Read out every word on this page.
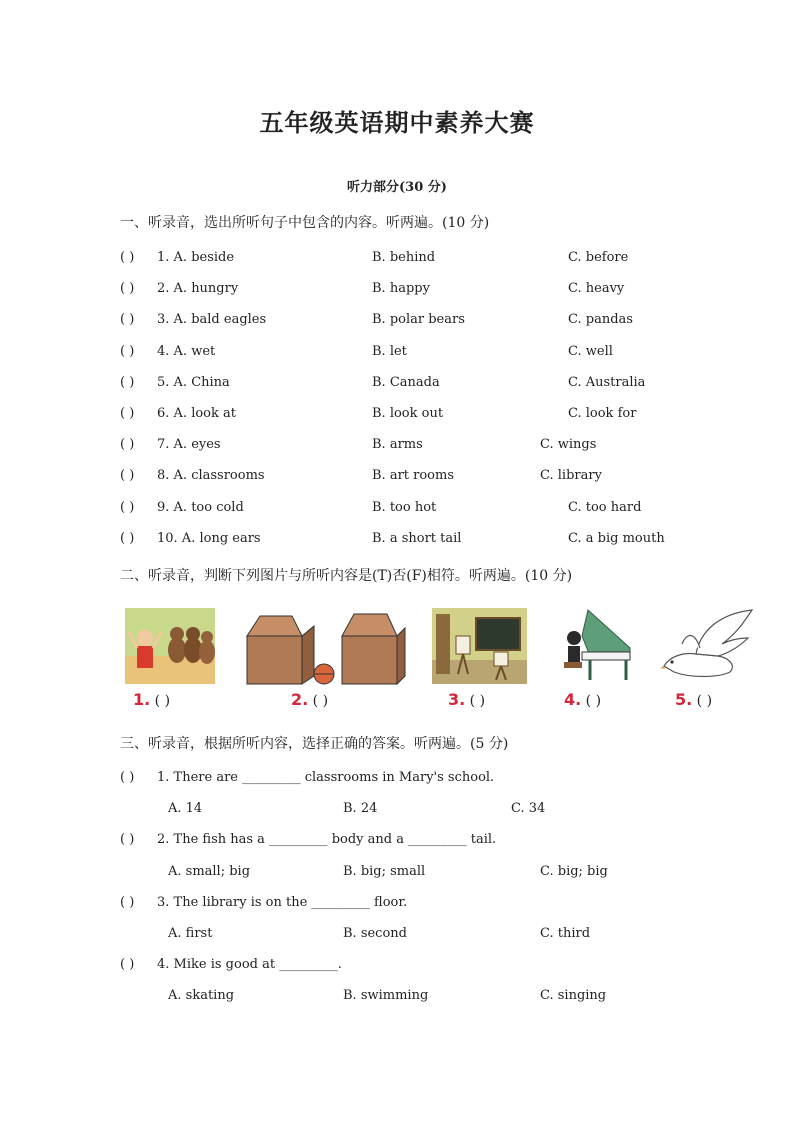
五年级英语期中素养大赛
听力部分(30 分)
一、听录音，选出所听句子中包含的内容。听两遍。(10 分)
( ) 1. A. beside	B. behind	C. before
( ) 2. A. hungry	B. happy	C. heavy
( ) 3. A. bald eagles	B. polar bears	C. pandas
( ) 4. A. wet	B. let	C. well
( ) 5. A. China	B. Canada	C. Australia
( ) 6. A. look at	B. look out	C. look for
( ) 7. A. eyes	B. arms	C. wings
( ) 8. A. classrooms	B. art rooms	C. library
( ) 9. A. too cold	B. too hot	C. too hard
( ) 10. A. long ears	B. a short tail	C. a big mouth
二、听录音，判断下列图片与所听内容是(T)否(F)相符。听两遍。(10 分)
1. ( )	2. ( )	3. ( )	4. ( )	5. ( )
三、听录音，根据所听内容，选择正确的答案。听两遍。(5 分)
( ) 1. There are _________ classrooms in Mary's school.
A. 14	B. 24	C. 34
( ) 2. The fish has a _________ body and a _________ tail.
A. small; big	B. big; small	C. big; big
( ) 3. The library is on the _________ floor.
A. first	B. second	C. third
( ) 4. Mike is good at _________.
A. skating	B. swimming	C. singing
